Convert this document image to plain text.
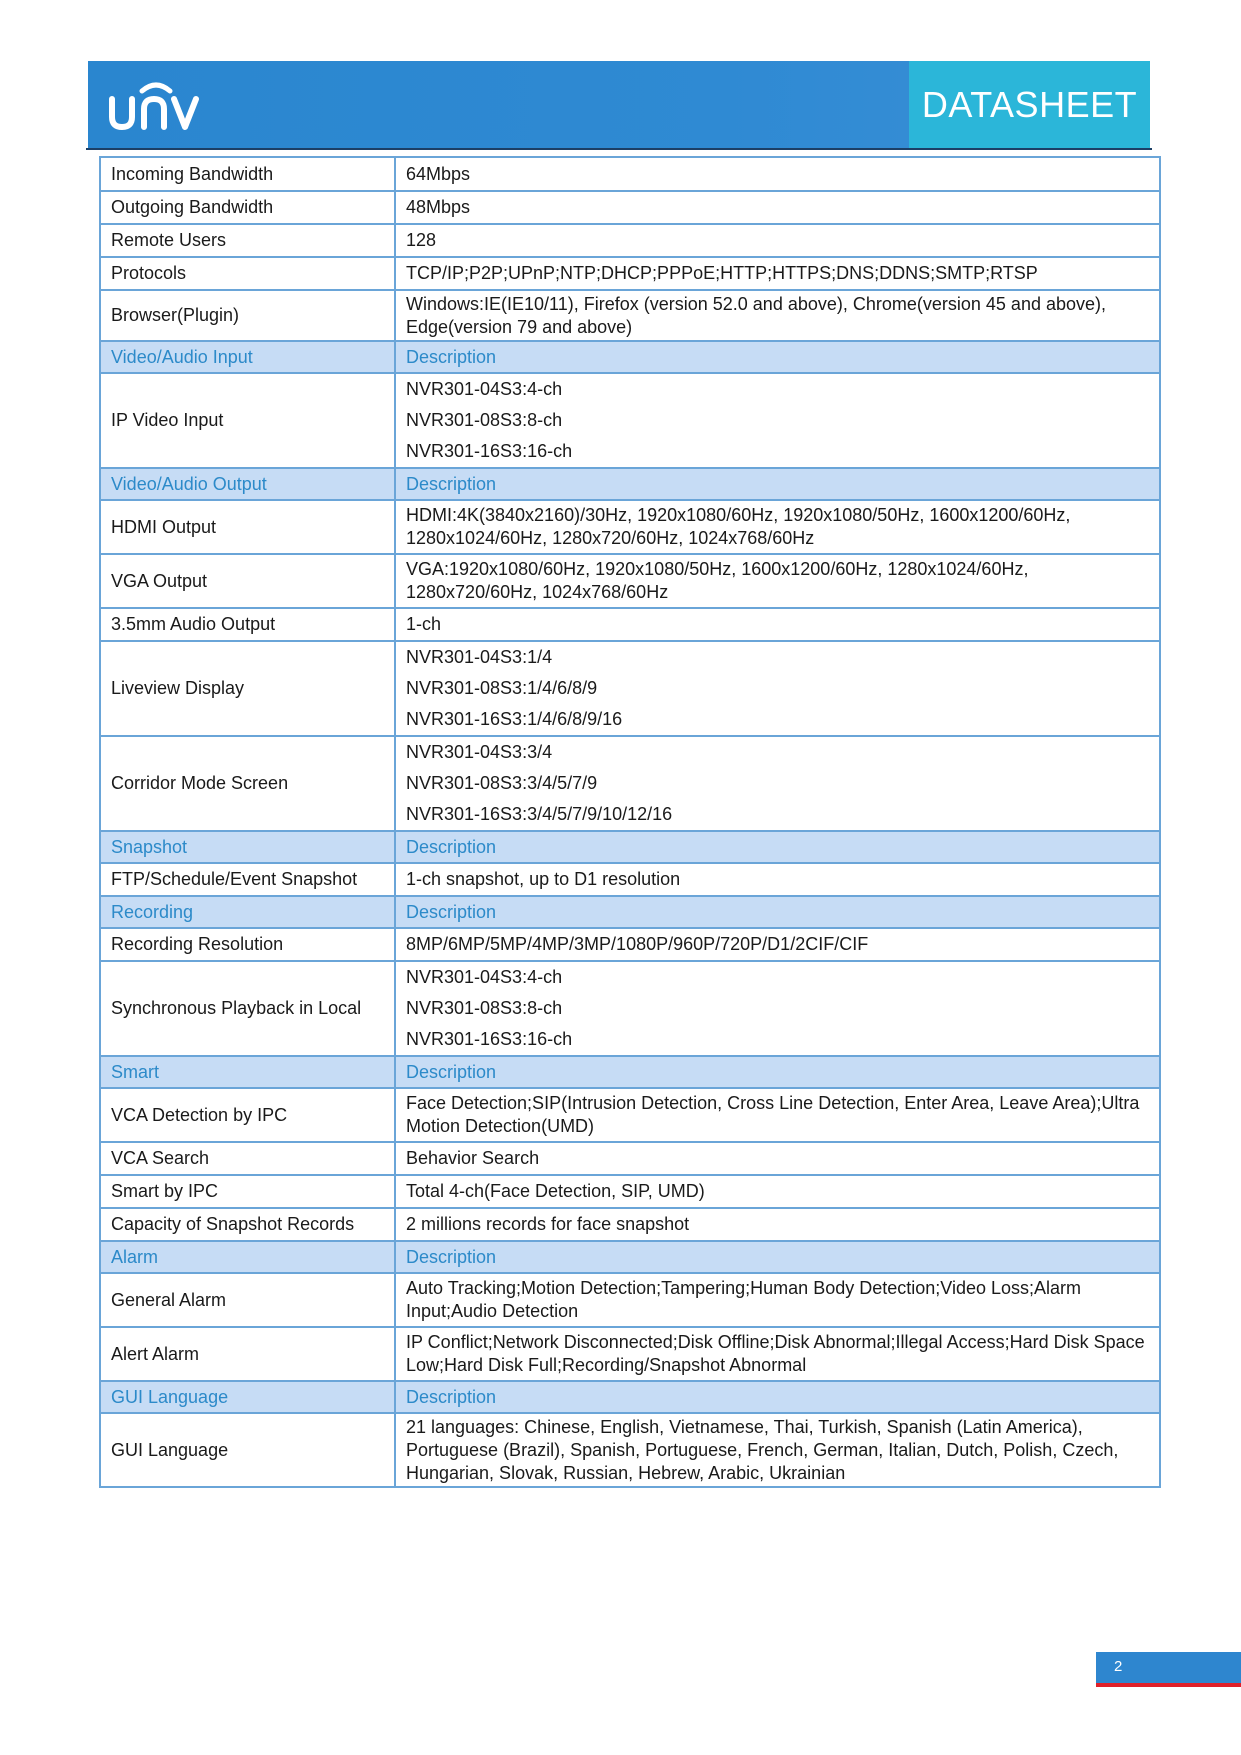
DATASHEET
Incoming Bandwidth	64Mbps
Outgoing Bandwidth	48Mbps
Remote Users	128
Protocols	TCP/IP;P2P;UPnP;NTP;DHCP;PPPoE;HTTP;HTTPS;DNS;DDNS;SMTP;RTSP
Browser(Plugin)	Windows:IE(IE10/11), Firefox (version 52.0 and above), Chrome(version 45 and above), Edge(version 79 and above)
Video/Audio Input	Description
IP Video Input	NVR301-04S3:4-ch
NVR301-08S3:8-ch
NVR301-16S3:16-ch

Video/Audio Output	Description
HDMI Output	HDMI:4K(3840x2160)/30Hz, 1920x1080/60Hz, 1920x1080/50Hz, 1600x1200/60Hz, 1280x1024/60Hz, 1280x720/60Hz, 1024x768/60Hz
VGA Output	VGA:1920x1080/60Hz, 1920x1080/50Hz, 1600x1200/60Hz, 1280x1024/60Hz, 1280x720/60Hz, 1024x768/60Hz
3.5mm Audio Output	1-ch
Liveview Display	NVR301-04S3:1/4
NVR301-08S3:1/4/6/8/9
NVR301-16S3:1/4/6/8/9/16

Corridor Mode Screen	NVR301-04S3:3/4
NVR301-08S3:3/4/5/7/9
NVR301-16S3:3/4/5/7/9/10/12/16

Snapshot	Description
FTP/Schedule/Event Snapshot	1-ch snapshot, up to D1 resolution
Recording	Description
Recording Resolution	8MP/6MP/5MP/4MP/3MP/1080P/960P/720P/D1/2CIF/CIF
Synchronous Playback in Local	NVR301-04S3:4-ch
NVR301-08S3:8-ch
NVR301-16S3:16-ch

Smart	Description
VCA Detection by IPC	Face Detection;SIP(Intrusion Detection, Cross Line Detection, Enter Area, Leave Area);Ultra Motion Detection(UMD)
VCA Search	Behavior Search
Smart by IPC	Total 4-ch(Face Detection, SIP, UMD)
Capacity of Snapshot Records	2 millions records for face snapshot
Alarm	Description
General Alarm	Auto Tracking;Motion Detection;Tampering;Human Body Detection;Video Loss;Alarm Input;Audio Detection
Alert Alarm	IP Conflict;Network Disconnected;Disk Offline;Disk Abnormal;Illegal Access;Hard Disk Space Low;Hard Disk Full;Recording/Snapshot Abnormal
GUI Language	Description
GUI Language	21 languages: Chinese, English, Vietnamese, Thai, Turkish, Spanish (Latin America), Portuguese (Brazil), Spanish, Portuguese, French, German, Italian, Dutch, Polish, Czech, Hungarian, Slovak, Russian, Hebrew, Arabic, Ukrainian
2
